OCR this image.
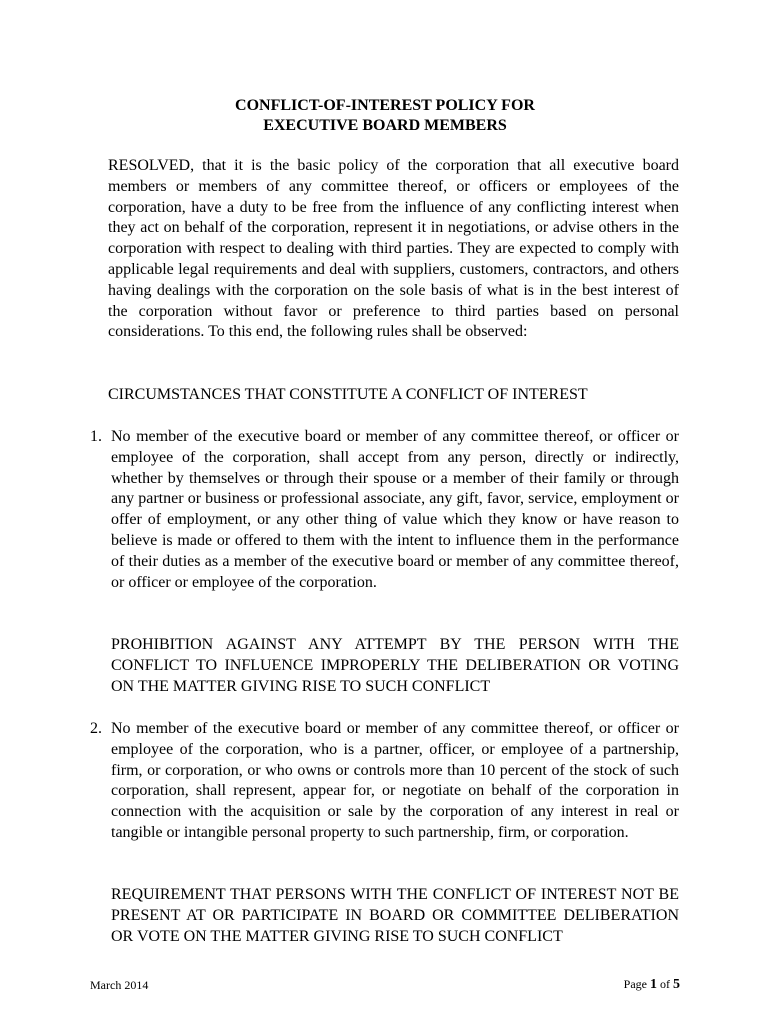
CONFLICT-OF-INTEREST POLICY FOR
EXECUTIVE BOARD MEMBERS
RESOLVED, that it is the basic policy of the corporation that all executive board members or members of any committee thereof, or officers or employees of the corporation, have a duty to be free from the influence of any conflicting interest when they act on behalf of the corporation, represent it in negotiations, or advise others in the corporation with respect to dealing with third parties. They are expected to comply with applicable legal requirements and deal with suppliers, customers, contractors, and others having dealings with the corporation on the sole basis of what is in the best interest of the corporation without favor or preference to third parties based on personal considerations. To this end, the following rules shall be observed:
CIRCUMSTANCES THAT CONSTITUTE A CONFLICT OF INTEREST
1. No member of the executive board or member of any committee thereof, or officer or employee of the corporation, shall accept from any person, directly or indirectly, whether by themselves or through their spouse or a member of their family or through any partner or business or professional associate, any gift, favor, service, employment or offer of employment, or any other thing of value which they know or have reason to believe is made or offered to them with the intent to influence them in the performance of their duties as a member of the executive board or member of any committee thereof, or officer or employee of the corporation.
PROHIBITION AGAINST ANY ATTEMPT BY THE PERSON WITH THE CONFLICT TO INFLUENCE IMPROPERLY THE DELIBERATION OR VOTING ON THE MATTER GIVING RISE TO SUCH CONFLICT
2. No member of the executive board or member of any committee thereof, or officer or employee of the corporation, who is a partner, officer, or employee of a partnership, firm, or corporation, or who owns or controls more than 10 percent of the stock of such corporation, shall represent, appear for, or negotiate on behalf of the corporation in connection with the acquisition or sale by the corporation of any interest in real or tangible or intangible personal property to such partnership, firm, or corporation.
REQUIREMENT THAT PERSONS WITH THE CONFLICT OF INTEREST NOT BE PRESENT AT OR PARTICIPATE IN BOARD OR COMMITTEE DELIBERATION OR VOTE ON THE MATTER GIVING RISE TO SUCH CONFLICT
March 2014	Page 1 of 5
